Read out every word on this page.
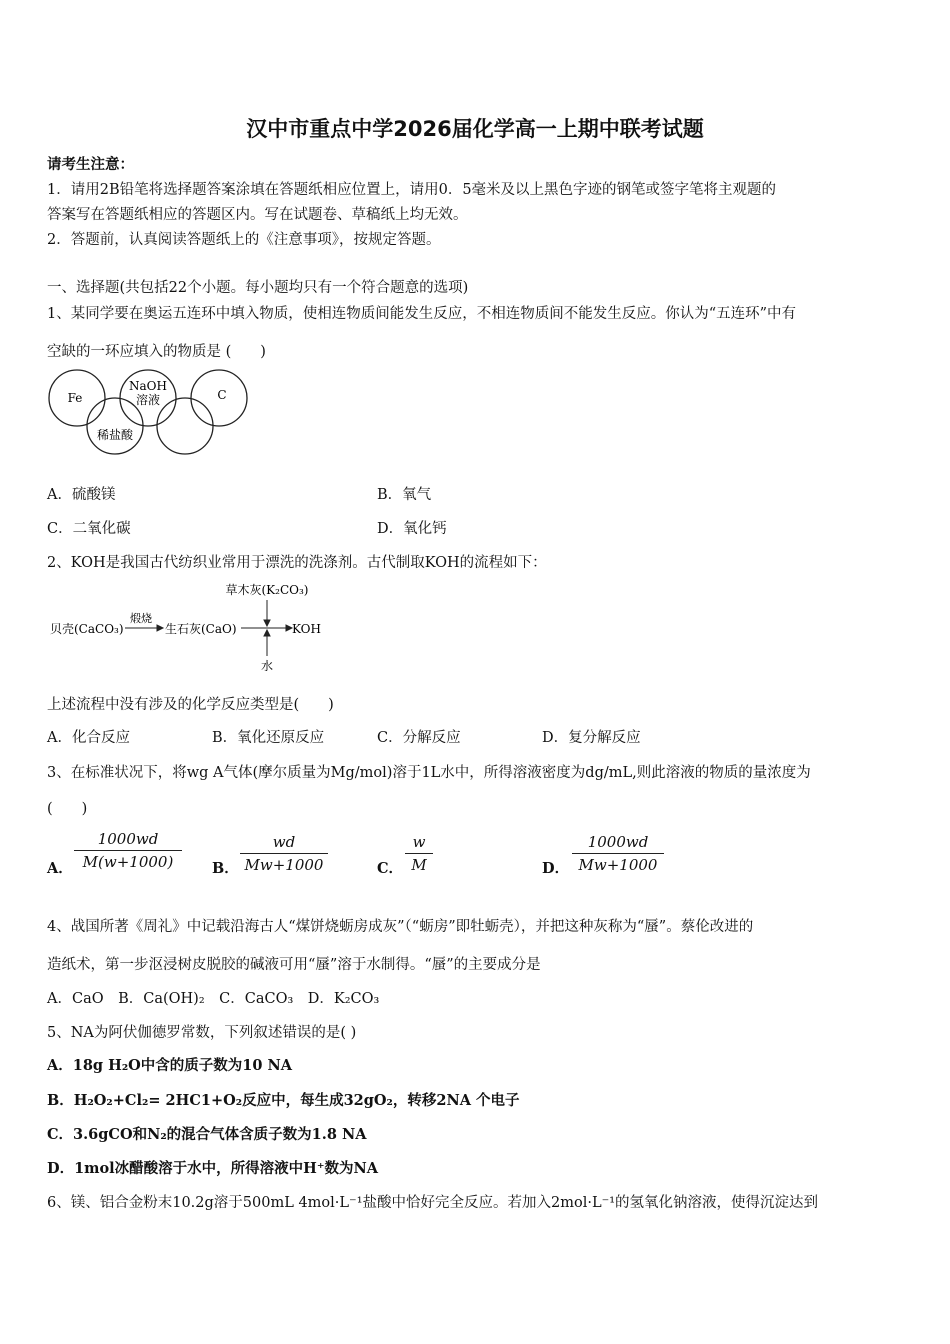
汉中市重点中学2026届化学高一上期中联考试题
请考生注意：
1．请用2B铅笔将选择题答案涂填在答题纸相应位置上，请用0．5毫米及以上黑色字迹的钢笔或签字笔将主观题的
答案写在答题纸相应的答题区内。写在试题卷、草稿纸上均无效。
2．答题前，认真阅读答题纸上的《注意事项》，按规定答题。
一、选择题(共包括22个小题。每小题均只有一个符合题意的选项)
1、某同学要在奥运五连环中填入物质，使相连物质间能发生反应，不相连物质间不能发生反应。你认为“五连环”中有
空缺的一环应填入的物质是 (　　)
Fe
NaOH
溶液
稀盐酸
C
A．硫酸镁	B．氧气
C．二氧化碳	D．氧化钙
2、KOH是我国古代纺织业常用于漂洗的洗涤剂。古代制取KOH的流程如下：
草木灰(K₂CO₃)
贝壳(CaCO₃)
煅烧
生石灰(CaO)	KOH
水
上述流程中没有涉及的化学反应类型是(　　)
A．化合反应	B．氧化还原反应	C．分解反应	D．复分解反应
3、在标准状况下，将wg A气体(摩尔质量为Mg/mol)溶于1L水中，所得溶液密度为dg/mL,则此溶液的物质的量浓度为
(　　)
A．
1000wd
M(w+1000)	B．
wd
Mw+1000	C．
w
M	D．
1000wd
Mw+1000
4、战国所著《周礼》中记载沿海古人“煤饼烧蛎房成灰”（“蛎房”即牡蛎壳），并把这种灰称为“蜃”。蔡伦改进的
造纸术，第一步沤浸树皮脱胶的碱液可用“蜃”溶于水制得。“蜃”的主要成分是
A．CaO　B．Ca(OH)₂　C．CaCO₃　D．K₂CO₃
5、NA为阿伏伽德罗常数，下列叙述错误的是( )
A．18g H₂O中含的质子数为10 NA
B．H₂O₂+Cl₂= 2HC1+O₂反应中，每生成32gO₂，转移2NA 个电子
C．3.6gCO和N₂的混合气体含质子数为1.8 NA
D．1mol冰醋酸溶于水中，所得溶液中H⁺数为NA
6、镁、铝合金粉末10.2g溶于500mL 4mol·L⁻¹盐酸中恰好完全反应。若加入2mol·L⁻¹的氢氧化钠溶液，使得沉淀达到
